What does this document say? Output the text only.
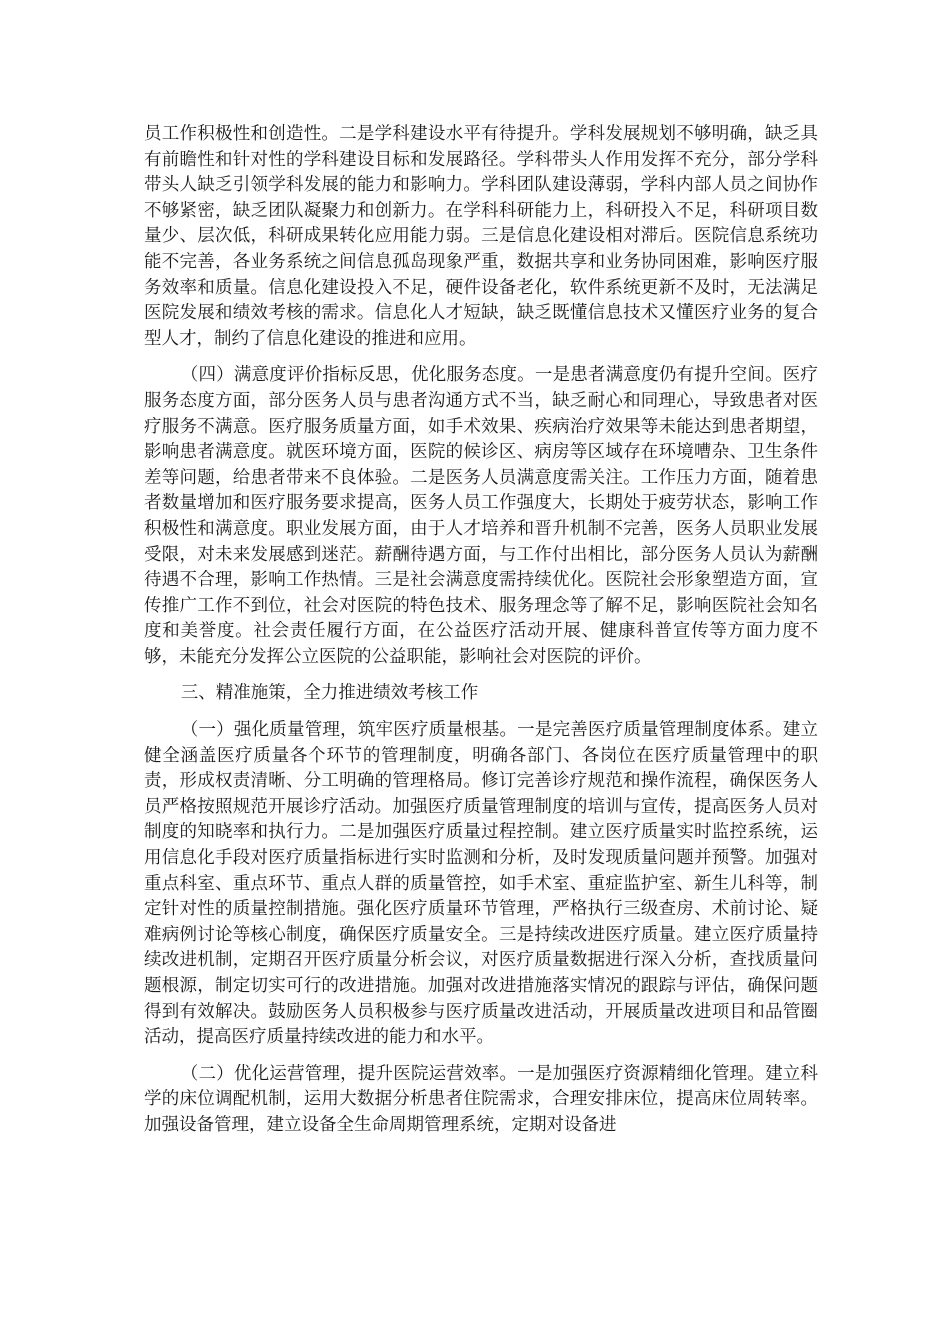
员工作积极性和创造性。二是学科建设水平有待提升。学科发展规划不够明确，缺乏具有前瞻性和针对性的学科建设目标和发展路径。学科带头人作用发挥不充分，部分学科带头人缺乏引领学科发展的能力和影响力。学科团队建设薄弱，学科内部人员之间协作不够紧密，缺乏团队凝聚力和创新力。在学科科研能力上，科研投入不足，科研项目数量少、层次低，科研成果转化应用能力弱。三是信息化建设相对滞后。医院信息系统功能不完善，各业务系统之间信息孤岛现象严重，数据共享和业务协同困难，影响医疗服务效率和质量。信息化建设投入不足，硬件设备老化，软件系统更新不及时，无法满足医院发展和绩效考核的需求。信息化人才短缺，缺乏既懂信息技术又懂医疗业务的复合型人才，制约了信息化建设的推进和应用。

（四）满意度评价指标反思，优化服务态度。一是患者满意度仍有提升空间。医疗服务态度方面，部分医务人员与患者沟通方式不当，缺乏耐心和同理心，导致患者对医疗服务不满意。医疗服务质量方面，如手术效果、疾病治疗效果等未能达到患者期望，影响患者满意度。就医环境方面，医院的候诊区、病房等区域存在环境嘈杂、卫生条件差等问题，给患者带来不良体验。二是医务人员满意度需关注。工作压力方面，随着患者数量增加和医疗服务要求提高，医务人员工作强度大，长期处于疲劳状态，影响工作积极性和满意度。职业发展方面，由于人才培养和晋升机制不完善，医务人员职业发展受限，对未来发展感到迷茫。薪酬待遇方面，与工作付出相比，部分医务人员认为薪酬待遇不合理，影响工作热情。三是社会满意度需持续优化。医院社会形象塑造方面，宣传推广工作不到位，社会对医院的特色技术、服务理念等了解不足，影响医院社会知名度和美誉度。社会责任履行方面，在公益医疗活动开展、健康科普宣传等方面力度不够，未能充分发挥公立医院的公益职能，影响社会对医院的评价。

三、精准施策，全力推进绩效考核工作

（一）强化质量管理，筑牢医疗质量根基。一是完善医疗质量管理制度体系。建立健全涵盖医疗质量各个环节的管理制度，明确各部门、各岗位在医疗质量管理中的职责，形成权责清晰、分工明确的管理格局。修订完善诊疗规范和操作流程，确保医务人员严格按照规范开展诊疗活动。加强医疗质量管理制度的培训与宣传，提高医务人员对制度的知晓率和执行力。二是加强医疗质量过程控制。建立医疗质量实时监控系统，运用信息化手段对医疗质量指标进行实时监测和分析，及时发现质量问题并预警。加强对重点科室、重点环节、重点人群的质量管控，如手术室、重症监护室、新生儿科等，制定针对性的质量控制措施。强化医疗质量环节管理，严格执行三级查房、术前讨论、疑难病例讨论等核心制度，确保医疗质量安全。三是持续改进医疗质量。建立医疗质量持续改进机制，定期召开医疗质量分析会议，对医疗质量数据进行深入分析，查找质量问题根源，制定切实可行的改进措施。加强对改进措施落实情况的跟踪与评估，确保问题得到有效解决。鼓励医务人员积极参与医疗质量改进活动，开展质量改进项目和品管圈活动，提高医疗质量持续改进的能力和水平。

（二）优化运营管理，提升医院运营效率。一是加强医疗资源精细化管理。建立科学的床位调配机制，运用大数据分析患者住院需求，合理安排床位，提高床位周转率。加强设备管理，建立设备全生命周期管理系统，定期对设备进
